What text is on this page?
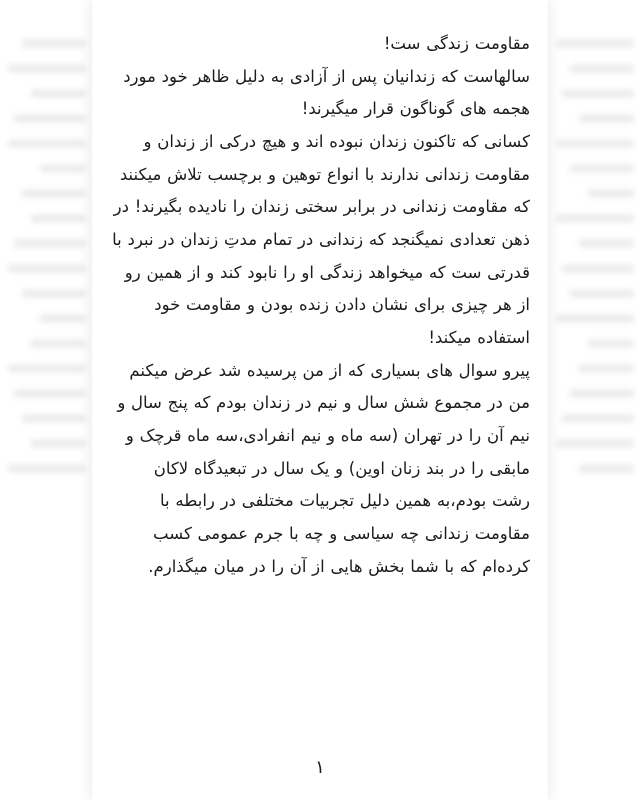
مقاومت زندگی ست!

سالهاست که زندانیان پس از آزادی به دلیل ظاهر خود مورد هجمه های گوناگون قرار میگیرند!

کسانی که تاکنون زندان نبوده اند و هیچ درکی از زندان و مقاومت زندانی ندارند با انواع توهین و برچسب تلاش میکنند که مقاومت زندانی در برابر سختی زندان را نادیده بگیرند! در ذهن تعدادی نمیگنجد که زندانی در تمام مدتِ زندان در نبرد با قدرتی ست که میخواهد زندگی او را نابود کند و از همین رو از هر چیزی برای نشان دادن زنده بودن و مقاومت خود استفاده میکند!

پیرو سوال های بسیاری که از من پرسیده شد عرض میکنم من در مجموع شش سال و نیم در زندان بودم که پنج سال و نیم آن را در تهران (سه ماه و نیم انفرادی،سه ماه قرچک و مابقی را در بند زنان اوین) و یک سال در تبعیدگاه لاکان رشت بودم،به همین دلیل تجربیات مختلفی در رابطه با مقاومت زندانی چه سیاسی و چه با جرم عمومی کسب کرده‌ام که با شما بخش هایی از آن را در میان میگذارم.

۱
